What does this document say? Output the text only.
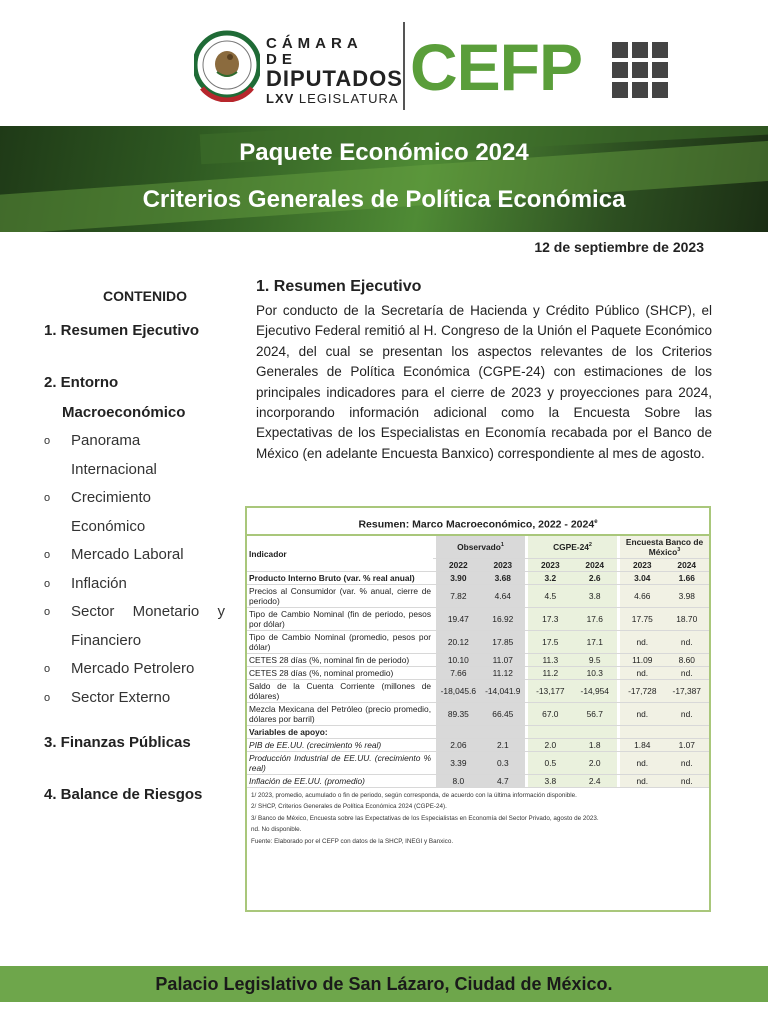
CÁMARA DE
DIPUTADOS
LXV LEGISLATURA CEFP
Paquete Económico 2024
Criterios Generales de Política Económica
12 de septiembre de 2023
CONTENIDO
1. Resumen Ejecutivo
2. Entorno
Macroeconómico
o	Panorama Internacional
o	Crecimiento Económico
o	Mercado Laboral
o	Inflación
o	Sector Monetario y Financiero
o	Mercado Petrolero
o	Sector Externo
3. Finanzas Públicas
4. Balance de Riesgos
1. Resumen Ejecutivo
Por conducto de la Secretaría de Hacienda y Crédito Público (SHCP), el Ejecutivo Federal remitió al H. Congreso de la Unión el Paquete Económico 2024, del cual se presentan los aspectos relevantes de los Criterios Generales de Política Económica (CGPE-24) con estimaciones de los principales indicadores para el cierre de 2023 y proyecciones para 2024, incorporando información adicional como la Encuesta Sobre las Expectativas de los Especialistas en Economía recabada por el Banco de México (en adelante Encuesta Banxico) correspondiente al mes de agosto.
Resumen: Marco Macroeconómico, 2022 - 2024e
Indicador		Observado$^1$			CGPE-$24^2$			Encuesta Banco de México$^3$
		2022	2023		2023	2024		2023	2024
Producto Interno Bruto (var. % real anual)		3.90	3.68		3.2	2.6		3.04	1.66
Precios al Consumidor (var. % anual, cierre de periodo)		7.82	4.64		4.5	3.8		4.66	3.98
Tipo de Cambio Nominal (fin de periodo, pesos por dólar)		19.47	16.92		17.3	17.6		17.75	18.70
Tipo de Cambio Nominal (promedio, pesos por dólar)		20.12	17.85		17.5	17.1		nd.	nd.
CETES 28 días (%, nominal fin de periodo)		10.10	11.07		11.3	9.5		11.09	8.60
CETES 28 días (%, nominal promedio)		7.66	11.12		11.2	10.3		nd.	nd.
Saldo de la Cuenta Corriente (millones de dólares)		-18,045.6	-14,041.9		-13,177	-14,954		-17,728	-17,387
Mezcla Mexicana del Petróleo (precio promedio, dólares por barril)		89.35	66.45		67.0	56.7		nd.	nd.
Variables de apoyo:									
PIB de EE.UU. (crecimiento % real)		2.06	2.1		2.0	1.8		1.84	1.07
Producción Industrial de EE.UU. (crecimiento % real)		3.39	0.3		0.5	2.0		nd.	nd.
Inflación de EE.UU. (promedio)		8.0	4.7		3.8	2.4		nd.	nd.
1/ 2023, promedio, acumulado o fin de periodo, según corresponda, de acuerdo con la última información disponible.
2/ SHCP, Criterios Generales de Política Económica 2024 (CGPE-24).
3/ Banco de México, Encuesta sobre las Expectativas de los Especialistas en Economía del Sector Privado, agosto de 2023.
nd. No disponible.
Fuente: Elaborado por el CEFP con datos de la SHCP, INEGI y Banxico.
Palacio Legislativo de San Lázaro, Ciudad de México.
